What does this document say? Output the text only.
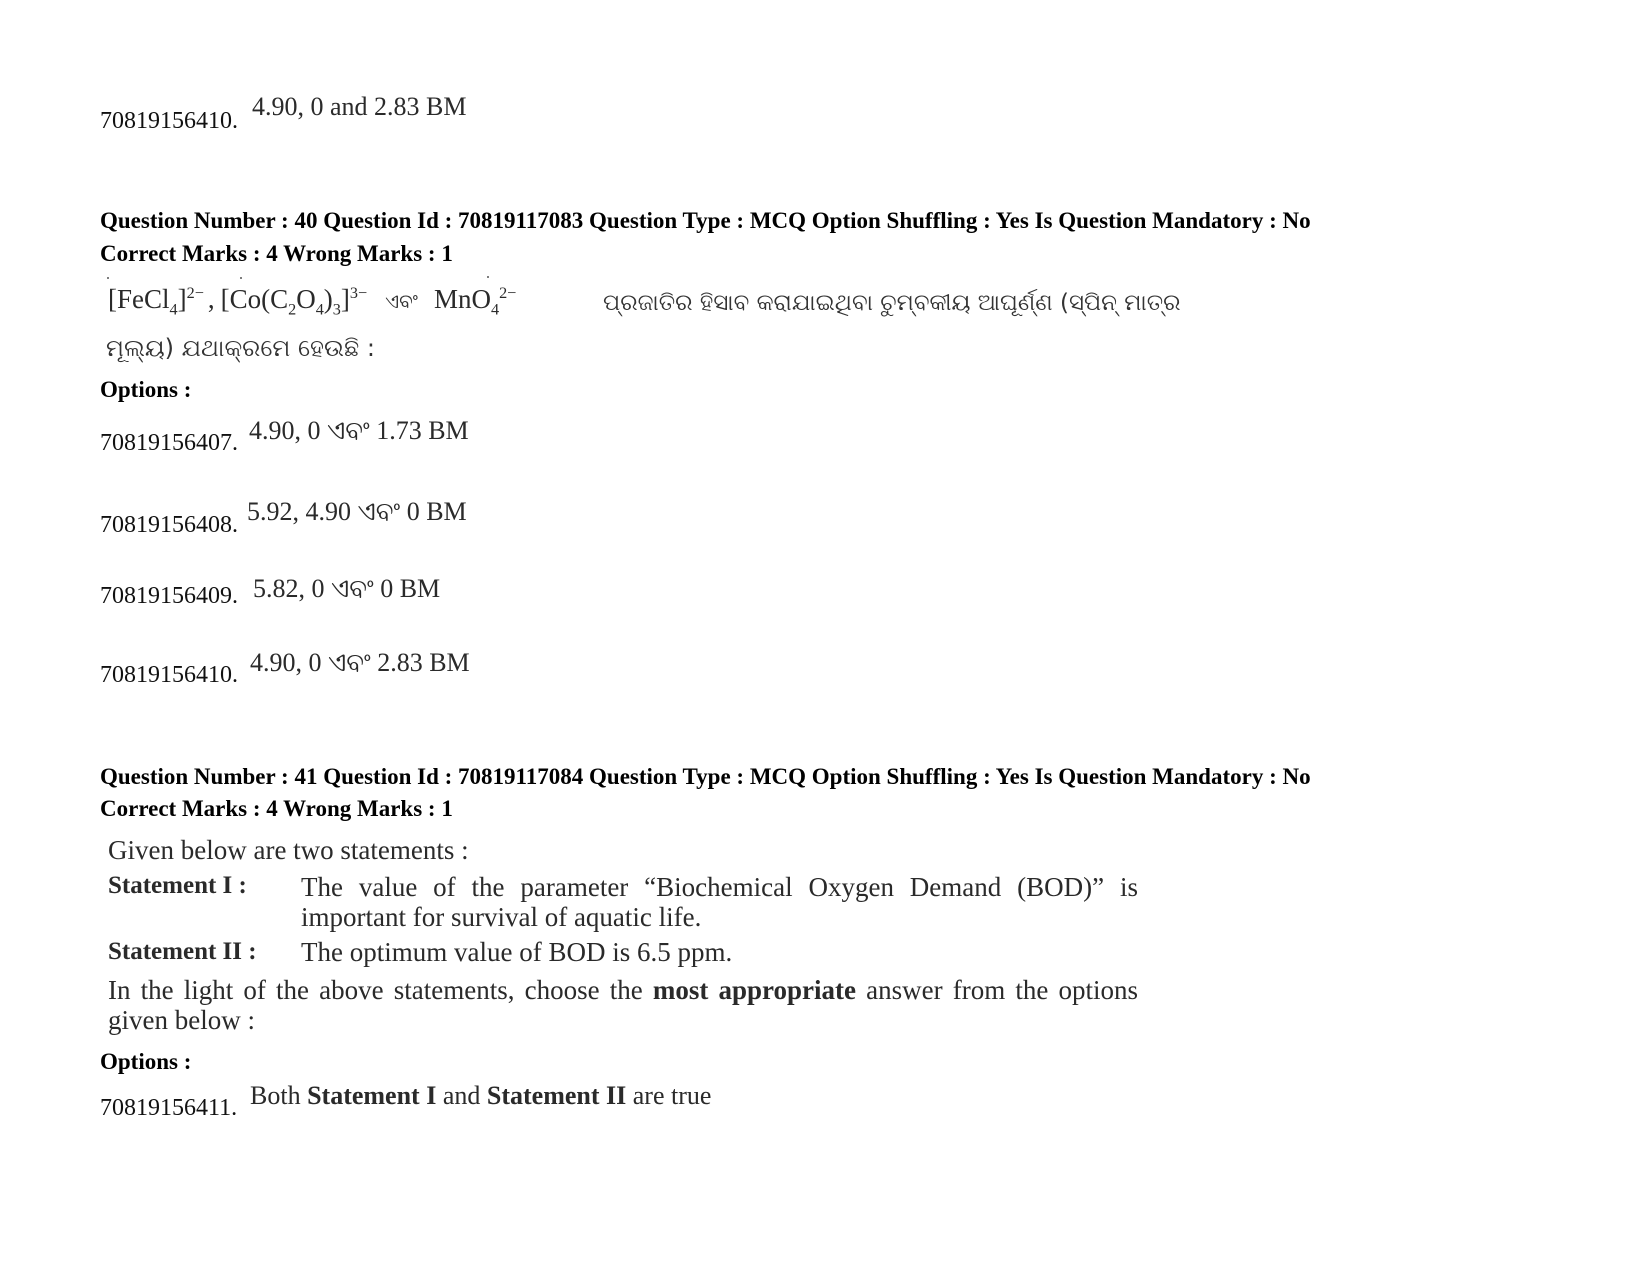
70819156410. 4.90, 0 and 2.83 BM
Question Number : 40 Question Id : 70819117083 Question Type : MCQ Option Shuffling : Yes Is Question Mandatory : No
Correct Marks : 4 Wrong Marks : 1
[FeCl$_4$]$^{2-}$ , $[Co(C_2O_4)_3]^{3-}$ ଏବଂ MnO$_4^{2-}$	ପ୍ରଜାତିର ହିସାବ କରାଯାଇଥିବା ଚୁମ୍ବକୀୟ ଆଘୂର୍ଣ୍ଣ (ସ୍ପିନ୍ ମାତ୍ର
ମୂଲ୍ୟ) ଯଥାକ୍ରମେ ହେଉଛି :
Options :
70819156407. 4.90, 0 ଏବଂ 1.73 BM
70819156408. 5.92, 4.90 ଏବଂ 0 BM
70819156409. 5.82, 0 ଏବଂ 0 BM
70819156410. 4.90, 0 ଏବଂ 2.83 BM
Question Number : 41 Question Id : 70819117084 Question Type : MCQ Option Shuffling : Yes Is Question Mandatory : No
Correct Marks : 4 Wrong Marks : 1
Given below are two statements :
Statement I : The value of the parameter “Biochemical Oxygen Demand (BOD)” is
important for survival of aquatic life.
Statement II : The optimum value of BOD is 6.5 ppm.
In the light of the above statements, choose the most appropriate answer from the options
given below :
Options :
70819156411. Both Statement I and Statement II are true
